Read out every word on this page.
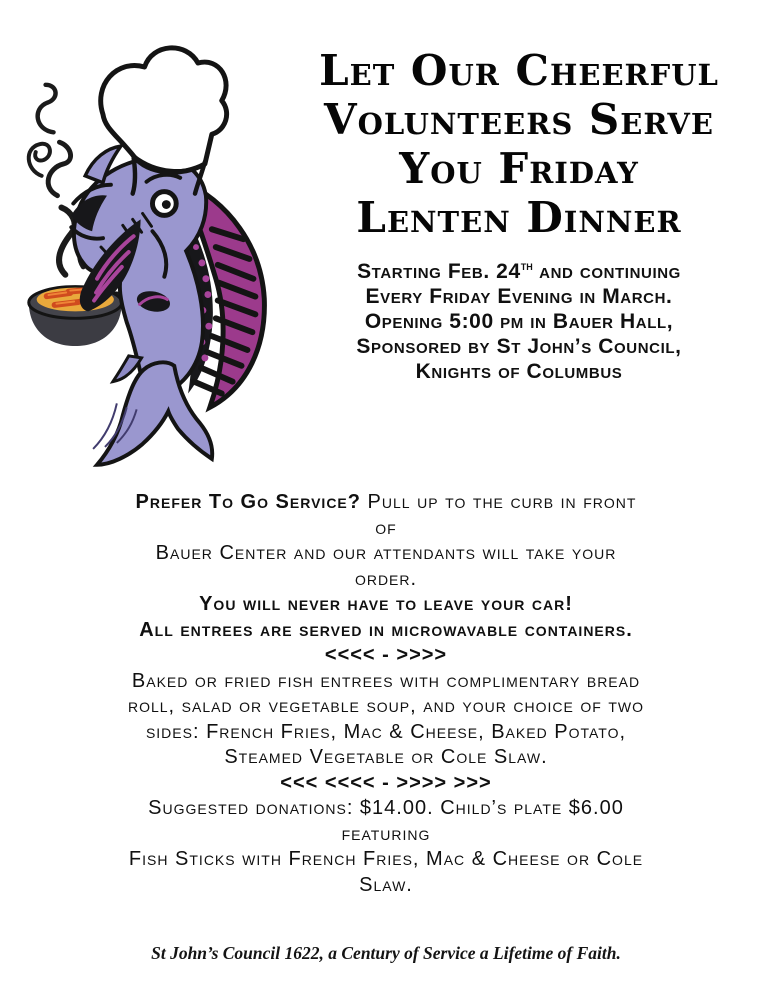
Let Our Cheerful
Volunteers Serve
You Friday
Lenten Dinner
Starting Feb. 24th and continuing
Every Friday Evening in March.
Opening 5:00 pm in Bauer Hall,
Sponsored by St John’s Council,
Knights of Columbus
Prefer To Go Service? Pull up to the curb in front
of
Bauer Center and our attendants will take your
order.
You will never have to leave your car!
All entrees are served in microwavable containers.
<<<< - >>>>
Baked or fried fish entrees with complimentary bread
roll, salad or vegetable soup, and your choice of two
sides: French Fries, Mac & Cheese, Baked Potato,
Steamed Vegetable or Cole Slaw.
<<< <<<< - >>>> >>>
Suggested donations: $14.00. Child’s plate $6.00
featuring
Fish Sticks with French Fries, Mac & Cheese or Cole
Slaw.
St John’s Council 1622, a Century of Service a Lifetime of Faith.
